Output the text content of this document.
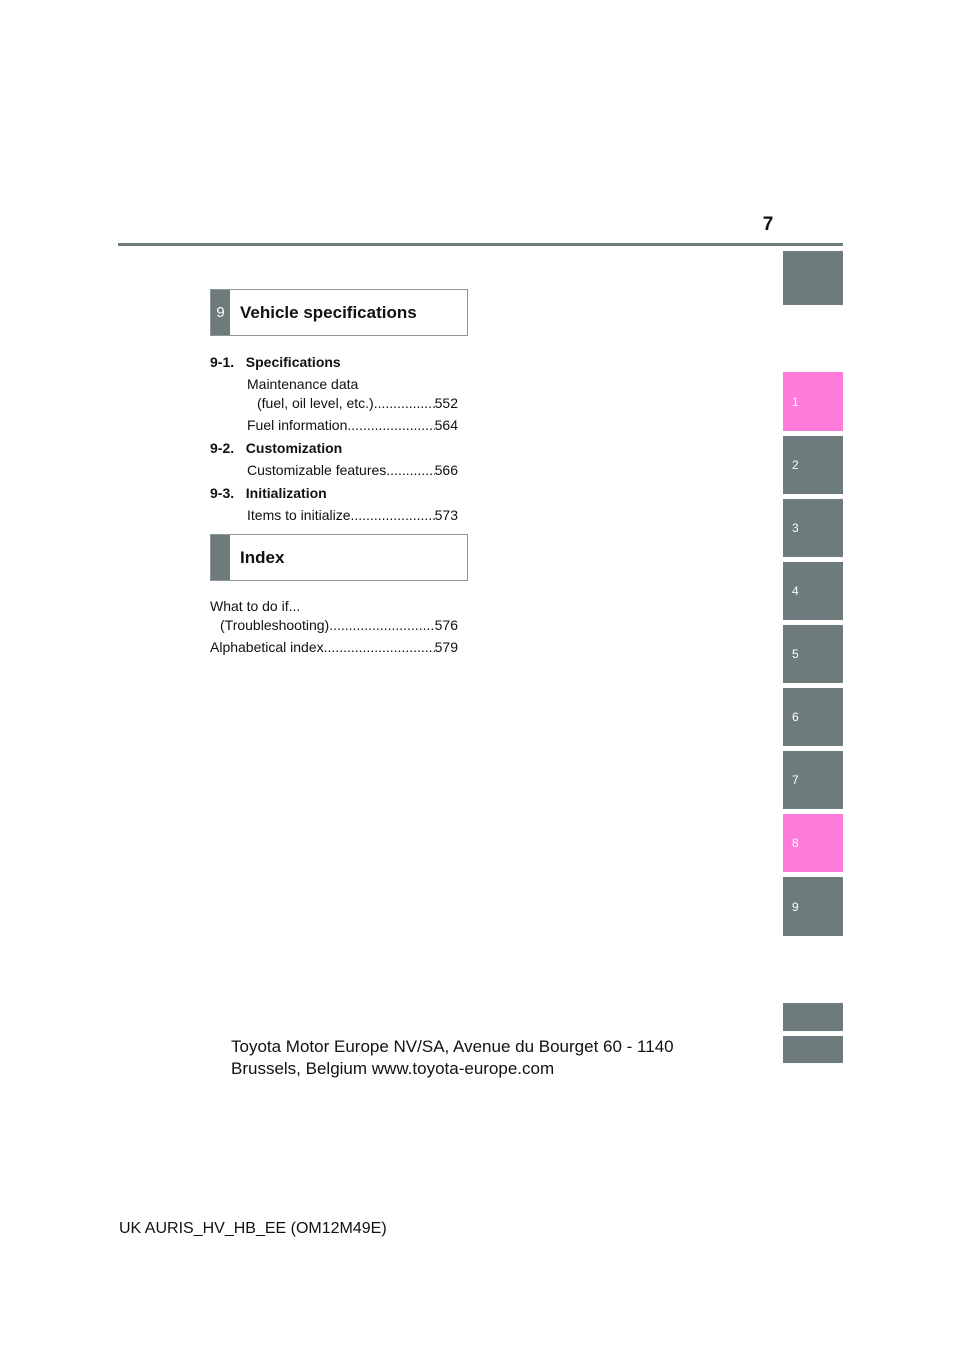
7
1
2
3
4
5
6
7
8
9
9 Vehicle specifications
9-1. Specifications
Maintenance data
(fuel, oil level, etc.) .....	552
Fuel information .....	564
9-2. Customization
Customizable features .....	566
9-3. Initialization
Items to initialize .....	573
Index
What to do if...
(Troubleshooting) .....	576
Alphabetical index .....	579
Toyota Motor Europe NV/SA, Avenue du Bourget 60 - 1140
Brussels, Belgium www.toyota-europe.com
UK AURIS_HV_HB_EE (OM12M49E)
